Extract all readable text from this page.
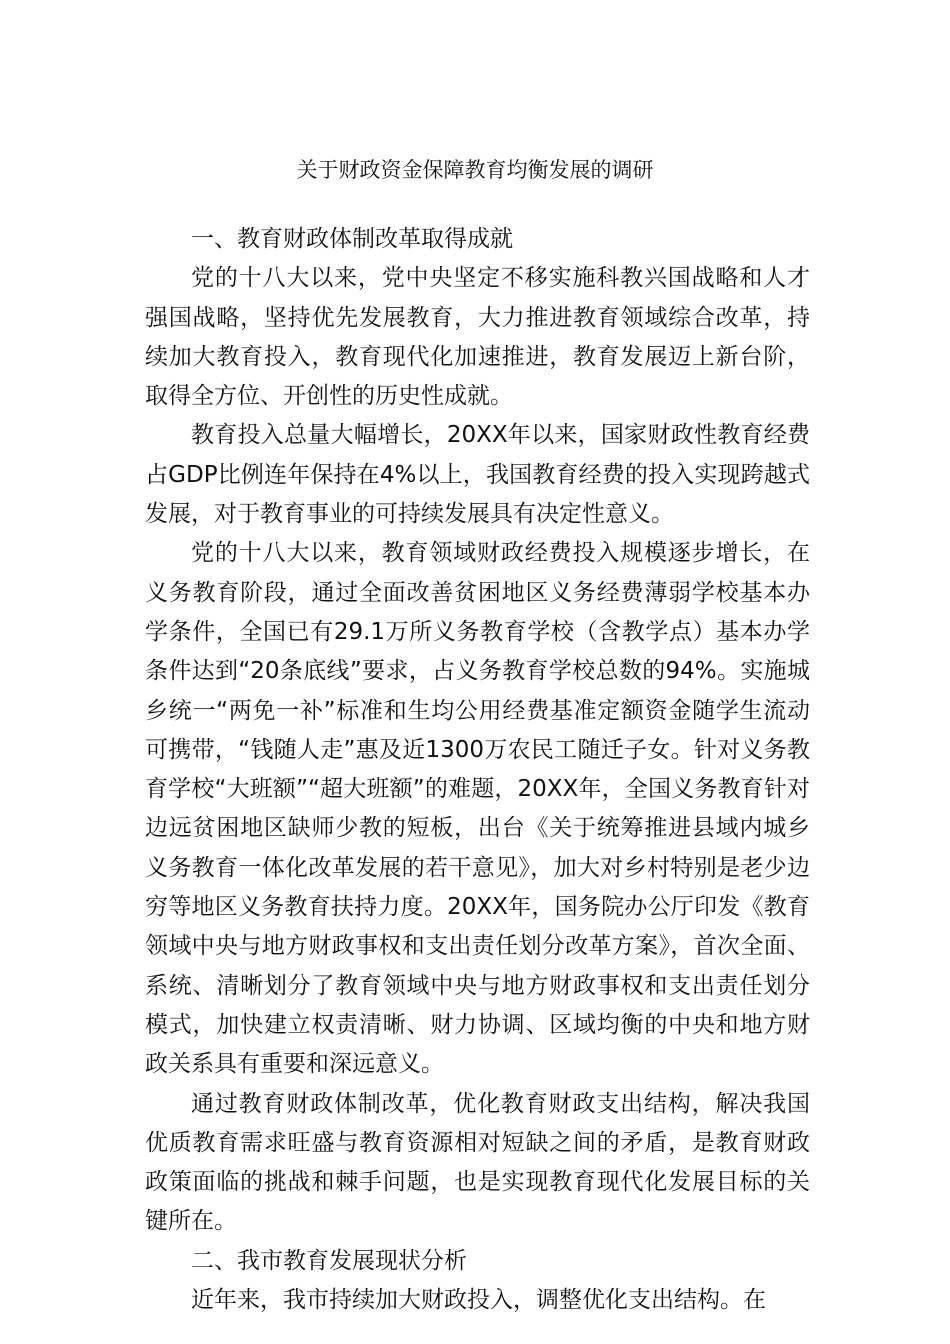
关于财政资金保障教育均衡发展的调研
一、教育财政体制改革取得成就

党的十八大以来，党中央坚定不移实施科教兴国战略和人才强国战略，坚持优先发展教育，大力推进教育领域综合改革，持续加大教育投入，教育现代化加速推进，教育发展迈上新台阶，取得全方位、开创性的历史性成就。

教育投入总量大幅增长，20XX年以来，国家财政性教育经费占GDP比例连年保持在4%以上，我国教育经费的投入实现跨越式发展，对于教育事业的可持续发展具有决定性意义。

党的十八大以来，教育领域财政经费投入规模逐步增长，在义务教育阶段，通过全面改善贫困地区义务经费薄弱学校基本办学条件，全国已有29.1万所义务教育学校（含教学点）基本办学条件达到“20条底线”要求，占义务教育学校总数的94%。实施城乡统一“两免一补”标准和生均公用经费基准定额资金随学生流动可携带，“钱随人走”惠及近1300万农民工随迁子女。针对义务教育学校“大班额”“超大班额”的难题，20XX年，全国义务教育针对边远贫困地区缺师少教的短板，出台《关于统筹推进县域内城乡义务教育一体化改革发展的若干意见》，加大对乡村特别是老少边穷等地区义务教育扶持力度。20XX年，国务院办公厅印发《教育领域中央与地方财政事权和支出责任划分改革方案》，首次全面、系统、清晰划分了教育领域中央与地方财政事权和支出责任划分模式，加快建立权责清晰、财力协调、区域均衡的中央和地方财政关系具有重要和深远意义。

通过教育财政体制改革，优化教育财政支出结构，解决我国优质教育需求旺盛与教育资源相对短缺之间的矛盾，是教育财政政策面临的挑战和棘手问题，也是实现教育现代化发展目标的关键所在。

二、我市教育发展现状分析

近年来，我市持续加大财政投入，调整优化支出结构。在
